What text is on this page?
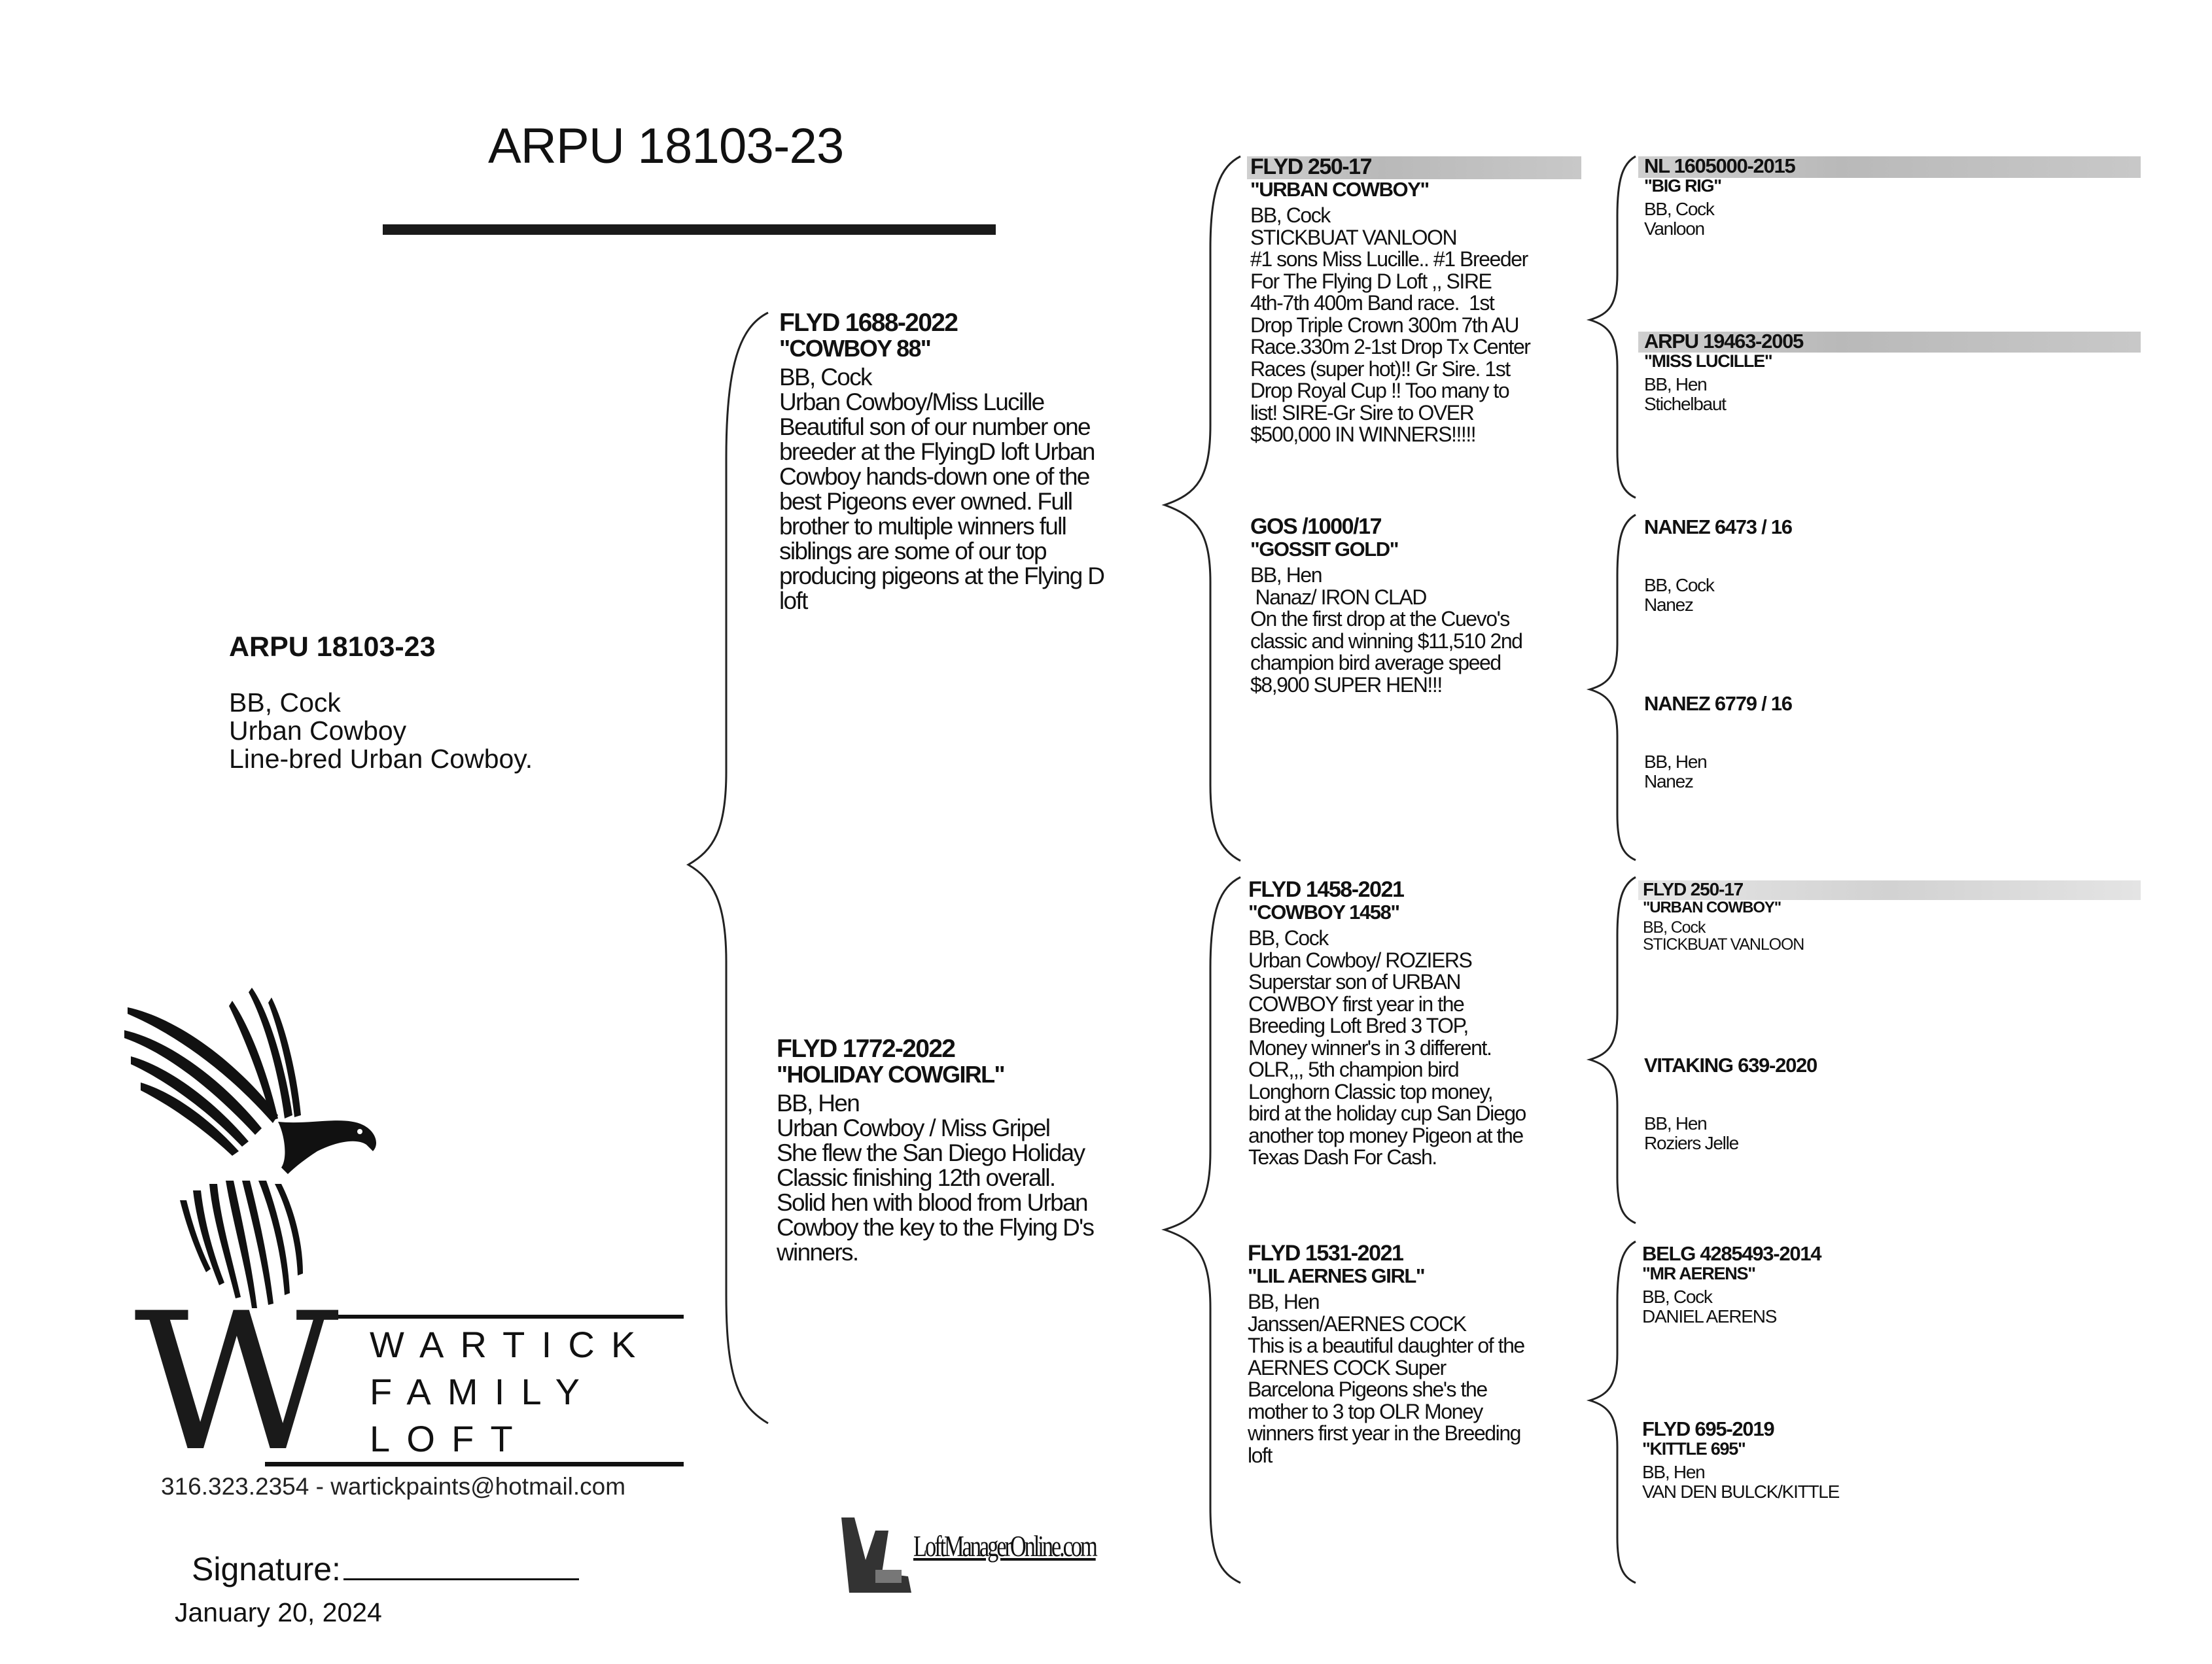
ARPU 18103-23
ARPU 18103-23
BB, Cock
Urban Cowboy
Line-bred Urban Cowboy.
FLYD 1688-2022
"COWBOY 88"
BB, Cock
Urban Cowboy/Miss Lucille
Beautiful son of our number one
breeder at the FlyingD loft Urban
Cowboy hands-down one of the
best Pigeons ever owned. Full
brother to multiple winners full
siblings are some of our top
producing pigeons at the Flying D
loft
FLYD 1772-2022
"HOLIDAY COWGIRL"
BB, Hen
Urban Cowboy / Miss Gripel
She flew the San Diego Holiday
Classic finishing 12th overall.
Solid hen with blood from Urban
Cowboy the key to the Flying D's
winners.
FLYD 250-17
"URBAN COWBOY"
BB, Cock
STICKBUAT VANLOON
#1 sons Miss Lucille.. #1 Breeder
For The Flying D Loft ,, SIRE
4th-7th 400m Band race.  1st
Drop Triple Crown 300m 7th AU
Race.330m 2-1st Drop Tx Center
Races (super hot)!! Gr Sire. 1st
Drop Royal Cup !! Too many to
list! SIRE-Gr Sire to OVER
$500,000 IN WINNERS!!!!!
GOS /1000/17
"GOSSIT GOLD"
BB, Hen
Nanaz/ IRON CLAD
On the first drop at the Cuevo's
classic and winning $11,510 2nd
champion bird average speed
$8,900 SUPER HEN!!!
FLYD 1458-2021
"COWBOY 1458"
BB, Cock
Urban Cowboy/ ROZIERS
Superstar son of URBAN
COWBOY first year in the
Breeding Loft Bred 3 TOP,
Money winner's in 3 different.
OLR,,, 5th champion bird
Longhorn Classic top money,
bird at the holiday cup San Diego
another top money Pigeon at the
Texas Dash For Cash.
FLYD 1531-2021
"LIL AERNES GIRL"
BB, Hen
Janssen/AERNES COCK
This is a beautiful daughter of the
AERNES COCK Super
Barcelona Pigeons she's the
mother to 3 top OLR Money
winners first year in the Breeding
loft
NL 1605000-2015
"BIG RIG"
BB, Cock
Vanloon
ARPU 19463-2005
"MISS LUCILLE"
BB, Hen
Stichelbaut
NANEZ 6473 / 16
BB, Cock
Nanez
NANEZ 6779 / 16
BB, Hen
Nanez
FLYD 250-17
"URBAN COWBOY"
BB, Cock
STICKBUAT VANLOON
VITAKING 639-2020
BB, Hen
Roziers Jelle
BELG 4285493-2014
"MR AERENS"
BB, Cock
DANIEL AERENS
FLYD 695-2019
"KITTLE 695"
BB, Hen
VAN DEN BULCK/KITTLE
W WARTICK
FAMILY
LOFT
316.323.2354 - wartickpaints@hotmail.com
Signature:
January 20, 2024
LoftManagerOnline.com
